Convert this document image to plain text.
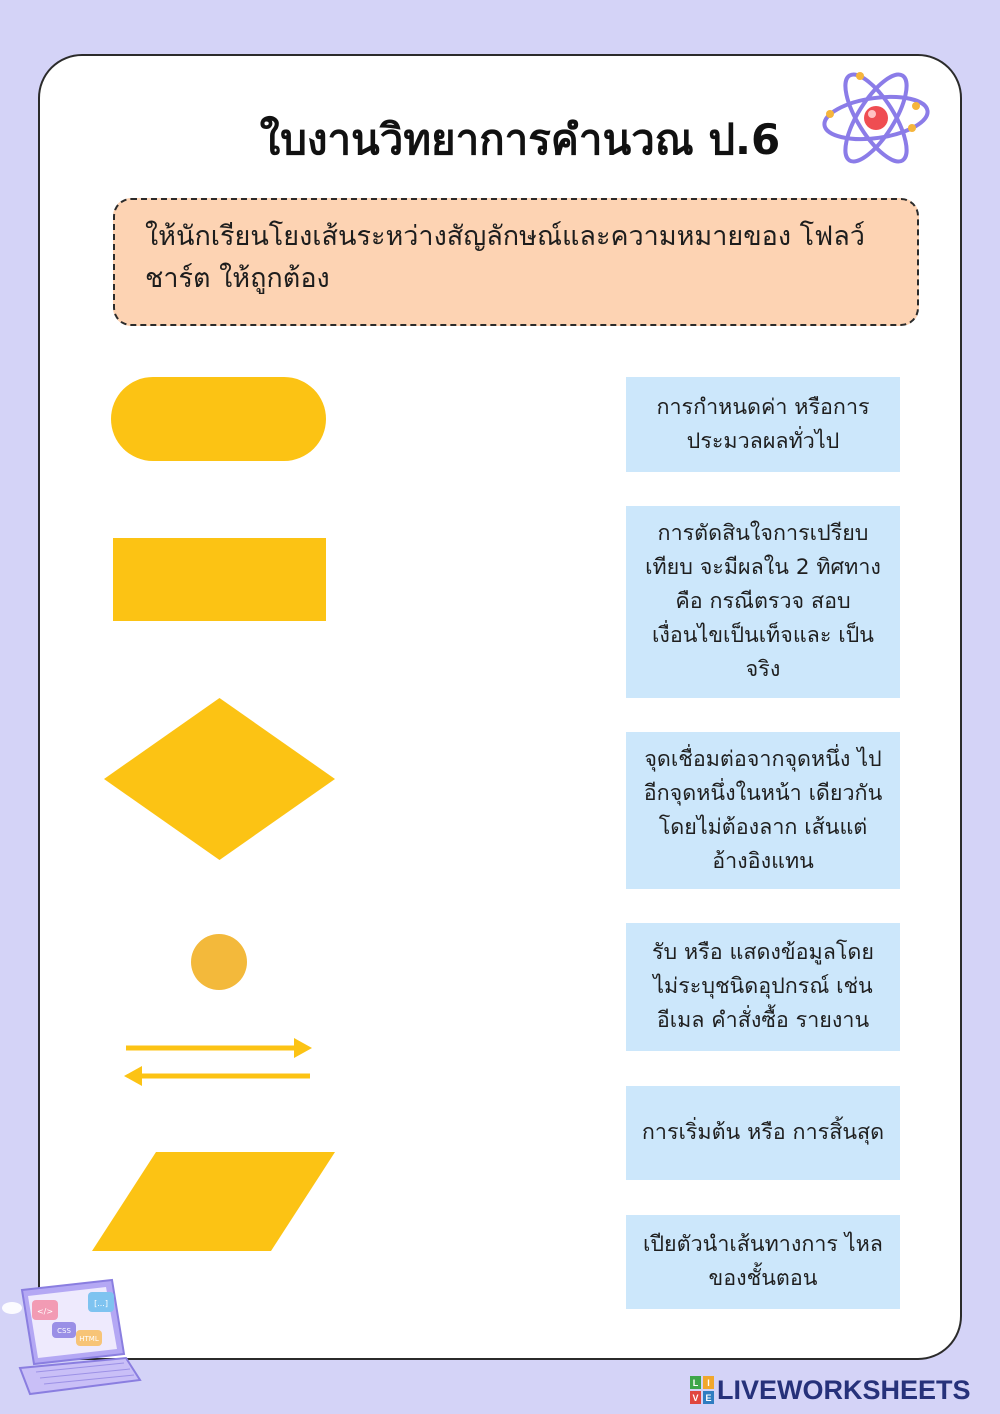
ใบงานวิทยาการคำนวณ ป.6
ให้นักเรียนโยงเส้นระหว่างสัญลักษณ์และความหมายของ โฟลว์ชาร์ต ให้ถูกต้อง
การกำหนดค่า หรือการ ประมวลผลทั่วไป
การตัดสินใจการเปรียบ เทียบ จะมีผลใน 2 ทิศทาง คือ กรณีตรวจ สอบเงื่อนไขเป็นเท็จและ เป็นจริง
จุดเชื่อมต่อจากจุดหนึ่ง ไปอีกจุดหนึ่งในหน้า เดียวกัน โดยไม่ต้องลาก เส้นแต่อ้างอิงแทน
รับ หรือ แสดงข้อมูลโดย ไม่ระบุชนิดอุปกรณ์ เช่น อีเมล คำสั่งซื้อ รายงาน
การเริ่มต้น หรือ การสิ้นสุด
เปียตัวนำเส้นทางการ ไหลของชั้นตอน
</>
[...]
CSS
HTML
L I
V E LIVEWORKSHEETS
